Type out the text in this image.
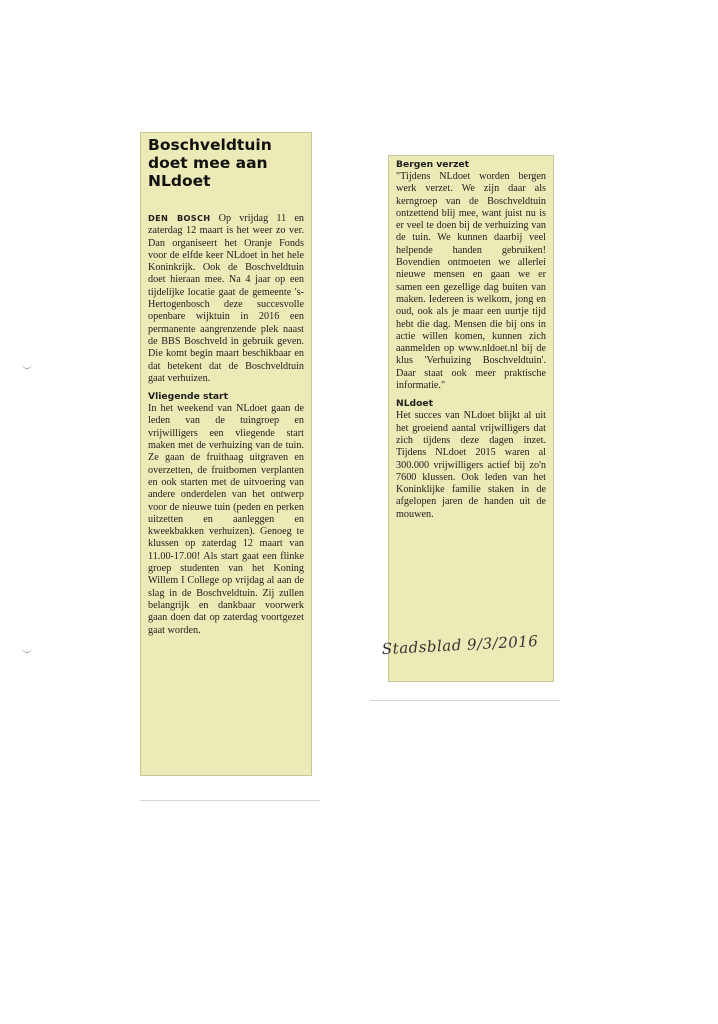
Boschveldtuin
doet mee aan
NLdoet

DEN BOSCH Op vrijdag 11 en zaterdag 12 maart is het weer zo ver. Dan organiseert het Oranje Fonds voor de elfde keer NLdoet in het hele Koninkrijk. Ook de Boschveldtuin doet hieraan mee. Na 4 jaar op een tijdelijke locatie gaat de gemeente 's-Hertogenbosch deze succesvolle openbare wijktuin in 2016 een permanente aangrenzende plek naast de BBS Boschveld in gebruik geven. Die komt begin maart beschikbaar en dat betekent dat de Boschveldtuin gaat verhuizen.

Vliegende start

In het weekend van NLdoet gaan de leden van de tuingroep en vrijwilligers een vliegende start maken met de verhuizing van de tuin. Ze gaan de fruithaag uitgraven en overzetten, de fruitbomen verplanten en ook starten met de uitvoering van andere onderdelen van het ontwerp voor de nieuwe tuin (peden en perken uitzetten en aanleggen en kweekbakken verhuizen). Genoeg te klussen op zaterdag 12 maart van 11.00-17.00! Als start gaat een flinke groep studenten van het Koning Willem I College op vrijdag al aan de slag in de Boschveldtuin. Zij zullen belangrijk en dankbaar voorwerk gaan doen dat op zaterdag voortgezet gaat worden.

Bergen verzet

"Tijdens NLdoet worden bergen werk verzet. We zijn daar als kerngroep van de Boschveldtuin ontzettend blij mee, want juist nu is er veel te doen bij de verhuizing van de tuin. We kunnen daarbij veel helpende handen gebruiken! Bovendien ontmoeten we allerlei nieuwe mensen en gaan we er samen een gezellige dag buiten van maken. Iedereen is welkom, jong en oud, ook als je maar een uurtje tijd hebt die dag. Mensen die bij ons in actie willen komen, kunnen zich aanmelden op www.nldoet.nl bij de klus 'Verhuizing Boschveldtuin'. Daar staat ook meer praktische informatie."

NLdoet

Het succes van NLdoet blijkt al uit het groeiend aantal vrijwilligers dat zich tijdens deze dagen inzet. Tijdens NLdoet 2015 waren al 300.000 vrijwilligers actief bij zo'n 7600 klussen. Ook leden van het Koninklijke familie staken in de afgelopen jaren de handen uit de mouwen.

Stadsblad 9/3/2016
